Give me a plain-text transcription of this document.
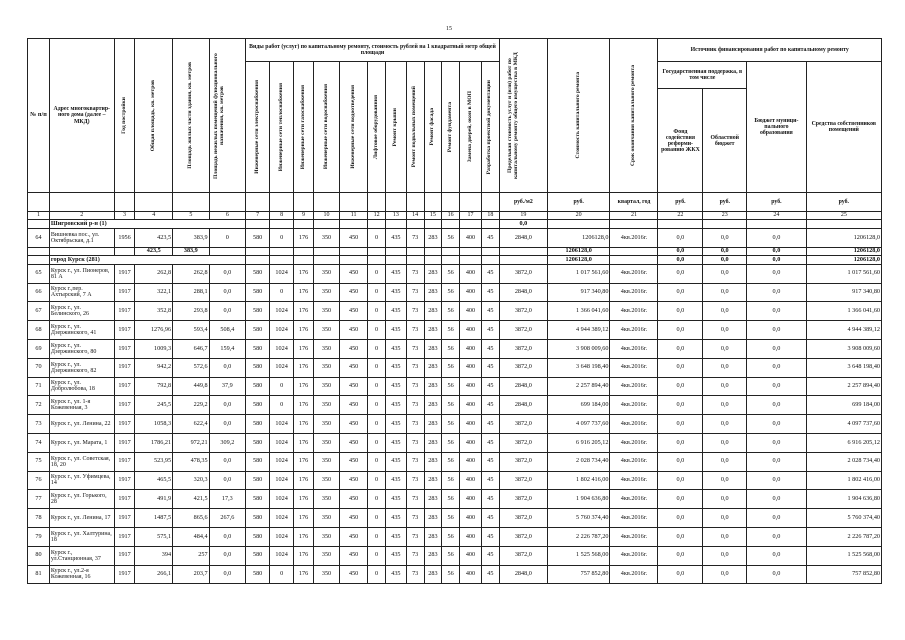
15
№ п/п	Адрес многоквартир-ного дома (далее – МКД)	Год постройки	Общая площадь, кв. метров	Площадь жилых части здания, кв. метров	Площадь нежилых помещений функционального назначения, кв. метров	Виды работ (услуг) по капитальному ремонту, стоимость рублей на 1 квадратный метр общей площади												Предельная стоимость услуг и (или) работ по капитальному ремонту общего имущества в МКД	Стоимость капитального ремонта	Срок окончания капитального ремонта	Источник финансирования работ по капитальному ремонту			

						Инженерные сети электроснабжения	Инженерные сети теплоснабжения	Инженерные сети газоснабжения	Инженерные сети водоснабжения	Инженерные сети водоотведения	Лифтовое оборудованния	Ремонт крыши	Ремонт подвальных помещений	Ремонт фасада	Ремонт фундамента	Замена дверей, окон в МОП	Разработка проектной документации				Государственная поддержка, в том числе		Бюджет муници-пального образования	Средства собственников помещений
																					Фонд содействия реформи-рованию ЖКХ	Областной бюджет		
																		руб./м2	руб.	квартал, год	руб.	руб.	руб.	руб.
1	2	3	4	5	6	7	8	9	10	11	12	13	14	15	16	17	18	19	20	21	22	23	24	25
	Шигровский р-н (1)																	0,0						
64	Вишневка пос., ул. Октябрьская, д.1	1956	423,5	383,9	0	580	0	176	350	450	0	435	73	283	56	400	45	2848,0	1206128,0	4кв.2016г.	0,0	0,0	0,0	1206128,0
			423,5	383,9															1206128,0		0,0	0,0	0,0	1206128,0
	город Курск (281)																		1206128,0		0,0	0,0	0,0	1206128,0
65	Курск г., ул. Пионеров, 81 А	1917	262,8	262,8	0,0	580	1024	176	350	450	0	435	73	283	56	400	45	3872,0	1 017 561,60	4кв.2016г.	0,0	0,0	0,0	1 017 561,60
66	Курск г.,пер. Ахтырский, 7 А	1917	322,1	288,1	0,0	580	0	176	350	450	0	435	73	283	56	400	45	2848,0	917 340,80	4кв.2016г.	0,0	0,0	0,0	917 340,80
67	Курск г., ул. Белинского, 26	1917	352,8	293,8	0,0	580	1024	176	350	450	0	435	73	283	56	400	45	3872,0	1 366 041,60	4кв.2016г.	0,0	0,0	0,0	1 366 041,60
68	Курск г., ул. Дзержинского, 41	1917	1276,96	593,4	508,4	580	1024	176	350	450	0	435	73	283	56	400	45	3872,0	4 944 389,12	4кв.2016г.	0,0	0,0	0,0	4 944 389,12
69	Курск г., ул. Дзержинского, 80	1917	1009,3	646,7	159,4	580	1024	176	350	450	0	435	73	283	56	400	45	3872,0	3 908 009,60	4кв.2016г.	0,0	0,0	0,0	3 908 009,60
70	Курск г., ул. Дзержинского, 82	1917	942,2	572,6	0,0	580	1024	176	350	450	0	435	73	283	56	400	45	3872,0	3 648 198,40	4кв.2016г.	0,0	0,0	0,0	3 648 198,40
71	Курск г., ул. Добролюбова, 18	1917	792,8	449,8	37,9	580	0	176	350	450	0	435	73	283	56	400	45	2848,0	2 257 894,40	4кв.2016г.	0,0	0,0	0,0	2 257 894,40
72	Курск г., ул. 1-я Кожевенная, 3	1917	245,5	229,2	0,0	580	0	176	350	450	0	435	73	283	56	400	45	2848,0	699 184,00	4кв.2016г.	0,0	0,0	0,0	699 184,00
73	Курск г., ул. Ленина, 22	1917	1058,3	622,4	0,0	580	1024	176	350	450	0	435	73	283	56	400	45	3872,0	4 097 737,60	4кв.2016г.	0,0	0,0	0,0	4 097 737,60
74	Курск г., ул. Марата, 1	1917	1786,21	972,21	309,2	580	1024	176	350	450	0	435	73	283	56	400	45	3872,0	6 916 205,12	4кв.2016г.	0,0	0,0	0,0	6 916 205,12
75	Курск г., ул. Советская, 18, 20	1917	523,95	478,35	0,0	580	1024	176	350	450	0	435	73	283	56	400	45	3872,0	2 028 734,40	4кв.2016г.	0,0	0,0	0,0	2 028 734,40
76	Курск г., ул. Уфимцева, 14	1917	465,5	320,3	0,0	580	1024	176	350	450	0	435	73	283	56	400	45	3872,0	1 802 416,00	4кв.2016г.	0,0	0,0	0,0	1 802 416,00
77	Курск г., ул. Горького, 28	1917	491,9	421,5	17,3	580	1024	176	350	450	0	435	73	283	56	400	45	3872,0	1 904 636,80	4кв.2016г.	0,0	0,0	0,0	1 904 636,80
78	Курск г., ул. Ленина, 17	1917	1487,5	865,6	267,6	580	1024	176	350	450	0	435	73	283	56	400	45	3872,0	5 760 374,40	4кв.2016г.	0,0	0,0	0,0	5 760 374,40
79	Курск г., ул. Халтурина, 18	1917	575,1	484,4	0,0	580	1024	176	350	450	0	435	73	283	56	400	45	3872,0	2 226 787,20	4кв.2016г.	0,0	0,0	0,0	2 226 787,20
80	Курск г., ул.Станционная, 37	1917	394	257	0,0	580	1024	176	350	450	0	435	73	283	56	400	45	3872,0	1 525 568,00	4кв.2016г.	0,0	0,0	0,0	1 525 568,00
81	Курск г., ул.2-я Кожевенная, 16	1917	266,1	203,7	0,0	580	0	176	350	450	0	435	73	283	56	400	45	2848,0	757 852,80	4кв.2016г.	0,0	0,0	0,0	757 852,80
